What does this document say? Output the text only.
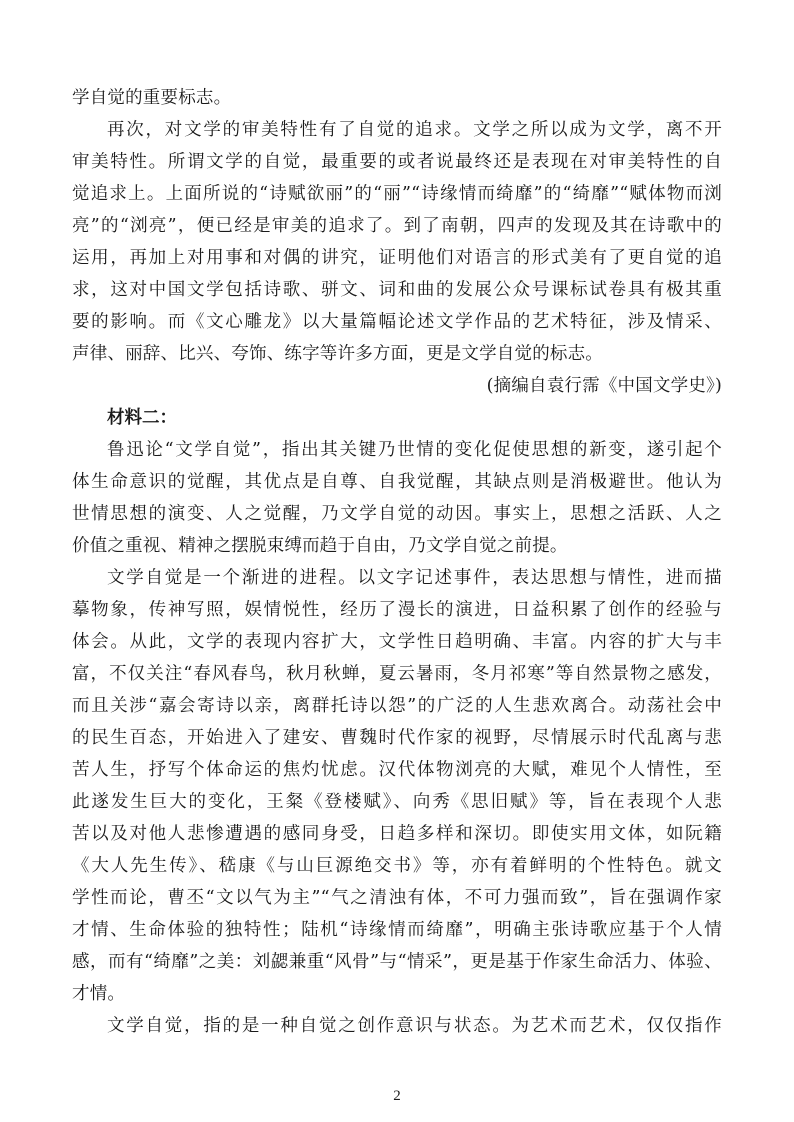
学自觉的重要标志。
再次，对文学的审美特性有了自觉的追求。文学之所以成为文学，离不开
审美特性。所谓文学的自觉，最重要的或者说最终还是表现在对审美特性的自
觉追求上。上面所说的“诗赋欲丽”的“丽”“诗缘情而绮靡”的“绮靡”“赋体物而浏
亮”的“浏亮”，便已经是审美的追求了。到了南朝，四声的发现及其在诗歌中的
运用，再加上对用事和对偶的讲究，证明他们对语言的形式美有了更自觉的追
求，这对中国文学包括诗歌、骈文、词和曲的发展公众号课标试卷具有极其重
要的影响。而《文心雕龙》以大量篇幅论述文学作品的艺术特征，涉及情采、
声律、丽辞、比兴、夸饰、练字等许多方面，更是文学自觉的标志。
(摘编自袁行霈《中国文学史》)
材料二：
鲁迅论“文学自觉”，指出其关键乃世情的变化促使思想的新变，遂引起个
体生命意识的觉醒，其优点是自尊、自我觉醒，其缺点则是消极避世。他认为
世情思想的演变、人之觉醒，乃文学自觉的动因。事实上，思想之活跃、人之
价值之重视、精神之摆脱束缚而趋于自由，乃文学自觉之前提。
文学自觉是一个渐进的进程。以文字记述事件，表达思想与情性，进而描
摹物象，传神写照，娱情悦性，经历了漫长的演进，日益积累了创作的经验与
体会。从此，文学的表现内容扩大，文学性日趋明确、丰富。内容的扩大与丰
富，不仅关注“春风春鸟，秋月秋蝉，夏云暑雨，冬月祁寒”等自然景物之感发，
而且关涉“嘉会寄诗以亲，离群托诗以怨”的广泛的人生悲欢离合。动荡社会中
的民生百态，开始进入了建安、曹魏时代作家的视野，尽情展示时代乱离与悲
苦人生，抒写个体命运的焦灼忧虑。汉代体物浏亮的大赋，难见个人情性，至
此遂发生巨大的变化，王粲《登楼赋》、向秀《思旧赋》等，旨在表现个人悲
苦以及对他人悲惨遭遇的感同身受，日趋多样和深切。即使实用文体，如阮籍
《大人先生传》、嵇康《与山巨源绝交书》等，亦有着鲜明的个性特色。就文
学性而论，曹丕“文以气为主”“气之清浊有体，不可力强而致”，旨在强调作家
才情、生命体验的独特性；陆机“诗缘情而绮靡”，明确主张诗歌应基于个人情
感，而有“绮靡”之美：刘勰兼重“风骨”与“情采”，更是基于作家生命活力、体验、
才情。
文学自觉，指的是一种自觉之创作意识与状态。为艺术而艺术，仅仅指作
2
